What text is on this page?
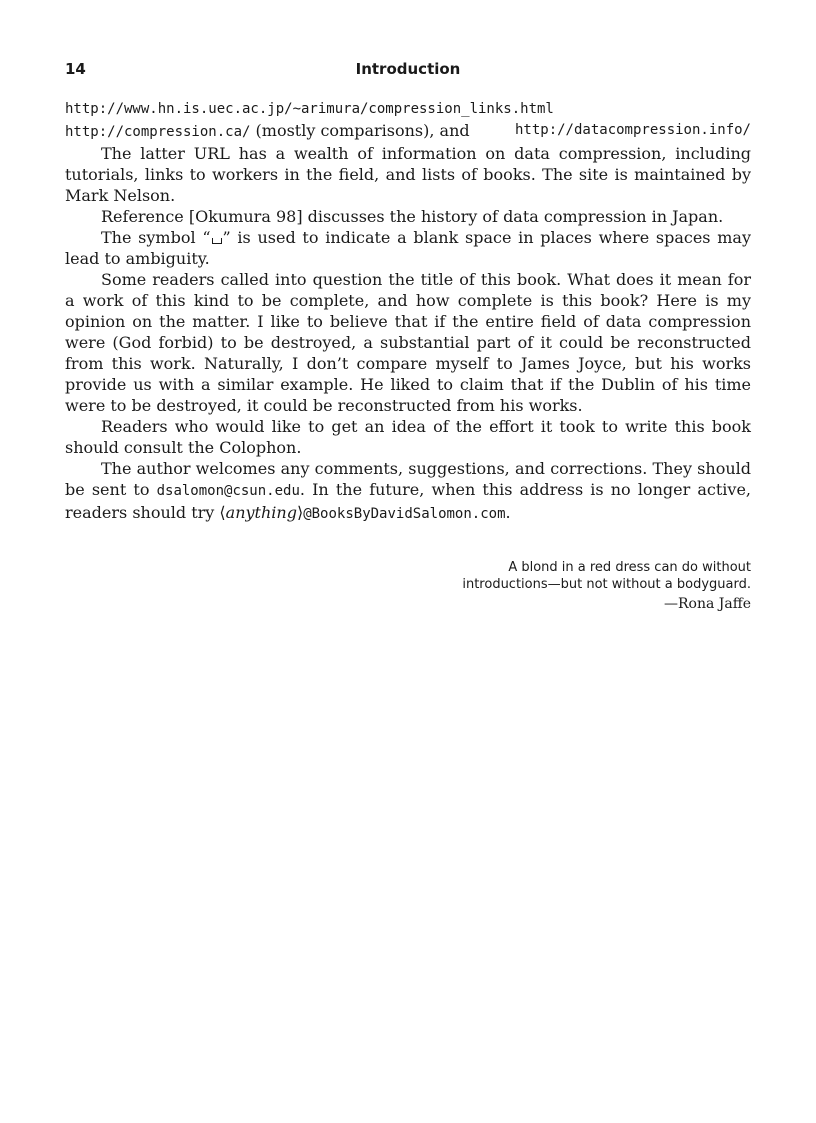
14	Introduction
http://www.hn.is.uec.ac.jp/~arimura/compression_links.html
http://compression.ca/ (mostly comparisons), and	http://datacompression.info/

The latter URL has a wealth of information on data compression, including tutorials, links to workers in the field, and lists of books. The site is maintained by Mark Nelson.

Reference [Okumura 98] discusses the history of data compression in Japan.

The symbol “ ” is used to indicate a blank space in places where spaces may lead to ambiguity.

Some readers called into question the title of this book. What does it mean for a work of this kind to be complete, and how complete is this book? Here is my opinion on the matter. I like to believe that if the entire field of data compression were (God forbid) to be destroyed, a substantial part of it could be reconstructed from this work. Naturally, I don’t compare myself to James Joyce, but his works provide us with a similar example. He liked to claim that if the Dublin of his time were to be destroyed, it could be reconstructed from his works.

Readers who would like to get an idea of the effort it took to write this book should consult the Colophon.

The author welcomes any comments, suggestions, and corrections. They should be sent to dsalomon@csun.edu. In the future, when this address is no longer active, readers should try ⟨anything⟩@BooksByDavidSalomon.com.

A blond in a red dress can do without
introductions—but not without a bodyguard.
—Rona Jaffe
